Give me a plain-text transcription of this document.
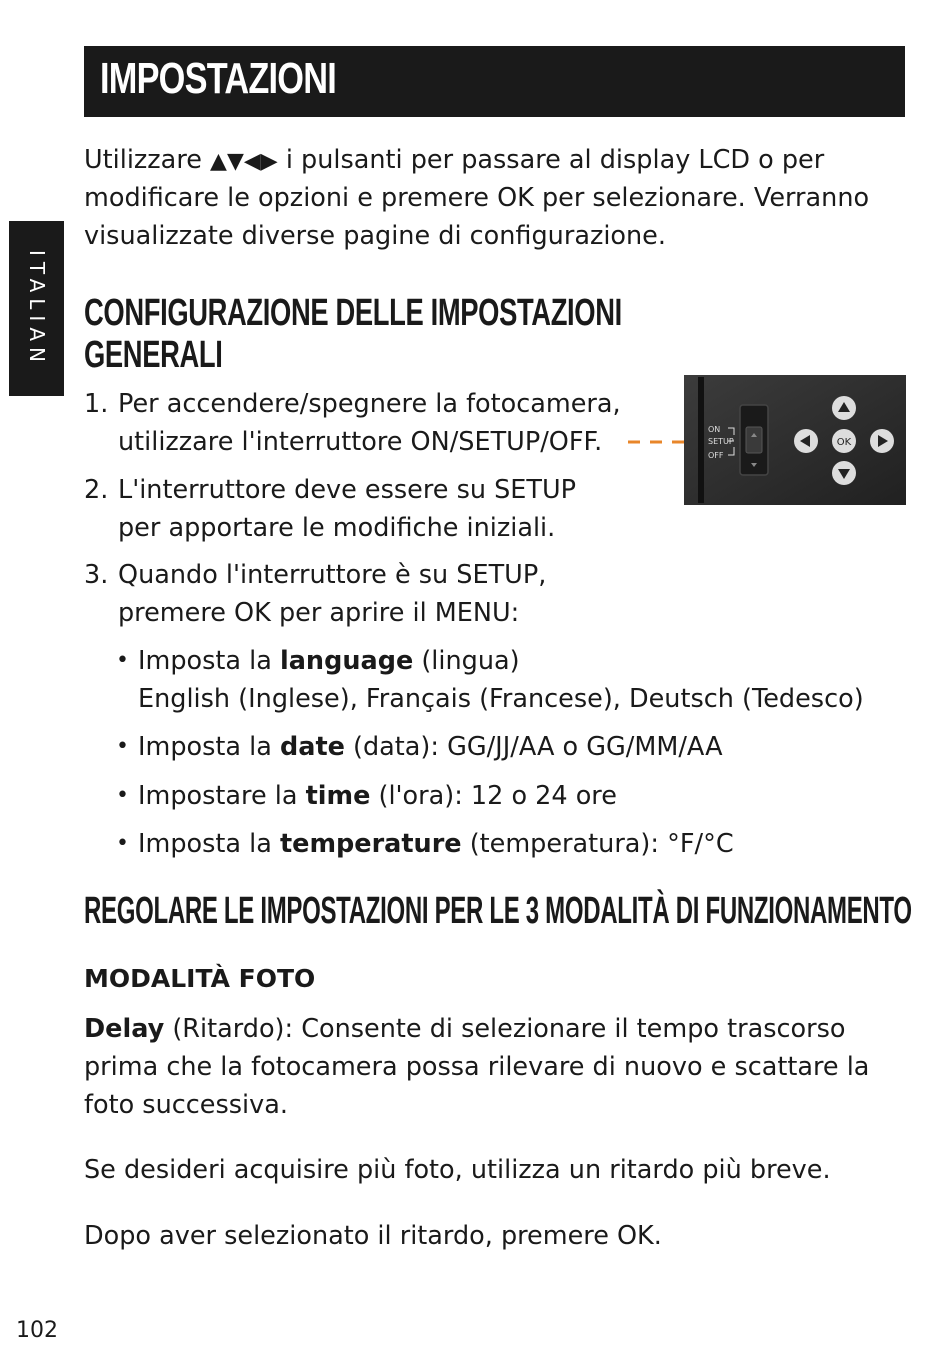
IMPOSTAZIONI
ITALIAN
Utilizzare ▲▼◀▶ i pulsanti per passare al display LCD o per
modificare le opzioni e premere OK per selezionare. Verranno
visualizzate diverse pagine di configurazione.
CONFIGURAZIONE DELLE IMPOSTAZIONI
GENERALI
1. Per accendere/spegnere la fotocamera,
utilizzare l'interruttore ON/SETUP/OFF.
2. L'interruttore deve essere su SETUP
per apportare le modifiche iniziali.
3. Quando l'interruttore è su SETUP,
premere OK per aprire il MENU:
ON
SETUP
OFF
OK
• Imposta la language (lingua)
English (Inglese), Français (Francese), Deutsch (Tedesco)
• Imposta la date (data): GG/JJ/AA o GG/MM/AA
• Impostare la time (l'ora): 12 o 24 ore
• Imposta la temperature (temperatura): °F/°C
REGOLARE LE IMPOSTAZIONI PER LE 3 MODALITÀ DI FUNZIONAMENTO
MODALITÀ FOTO
Delay (Ritardo): Consente di selezionare il tempo trascorso
prima che la fotocamera possa rilevare di nuovo e scattare la
foto successiva.
Se desideri acquisire più foto, utilizza un ritardo più breve.
Dopo aver selezionato il ritardo, premere OK.
102
